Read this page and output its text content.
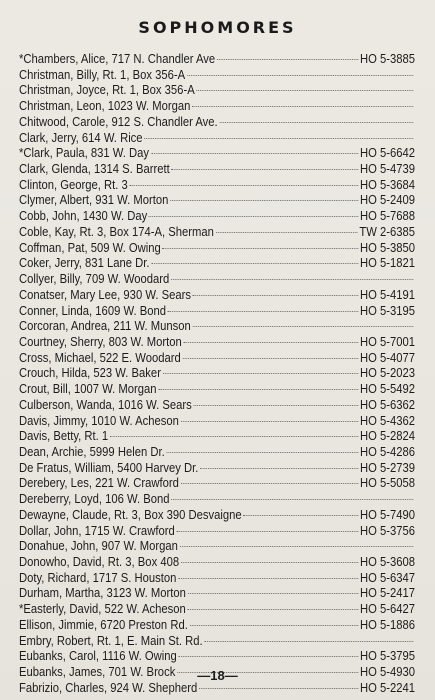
SOPHOMORES
*Chambers, Alice, 717 N. Chandler Ave	HO 5-3885
Christman, Billy, Rt. 1, Box 356-A
Christman, Joyce, Rt. 1, Box 356-A
Christman, Leon, 1023 W. Morgan
Chitwood, Carole, 912 S. Chandler Ave.
Clark, Jerry, 614 W. Rice
*Clark, Paula, 831 W. Day	HO 5-6642
Clark, Glenda, 1314 S. Barrett	HO 5-4739
Clinton, George, Rt. 3	HO 5-3684
Clymer, Albert, 931 W. Morton	HO 5-2409
Cobb, John, 1430 W. Day	HO 5-7688
Coble, Kay, Rt. 3, Box 174-A, Sherman	TW 2-6385
Coffman, Pat, 509 W. Owing	HO 5-3850
Coker, Jerry, 831 Lane Dr.	HO 5-1821
Collyer, Billy, 709 W. Woodard
Conatser, Mary Lee, 930 W. Sears	HO 5-4191
Conner, Linda, 1609 W. Bond	HO 5-3195
Corcoran, Andrea, 211 W. Munson
Courtney, Sherry, 803 W. Morton	HO 5-7001
Cross, Michael, 522 E. Woodard	HO 5-4077
Crouch, Hilda, 523 W. Baker	HO 5-2023
Crout, Bill, 1007 W. Morgan	HO 5-5492
Culberson, Wanda, 1016 W. Sears	HO 5-6362
Davis, Jimmy, 1010 W. Acheson	HO 5-4362
Davis, Betty, Rt. 1	HO 5-2824
Dean, Archie, 5999 Helen Dr.	HO 5-4286
De Fratus, William, 5400 Harvey Dr.	HO 5-2739
Derebery, Les, 221 W. Crawford	HO 5-5058
Dereberry, Loyd, 106 W. Bond
Dewayne, Claude, Rt. 3, Box 390 Desvaigne	HO 5-7490
Dollar, John, 1715 W. Crawford	HO 5-3756
Donahue, John, 907 W. Morgan
Donowho, David, Rt. 3, Box 408	HO 5-3608
Doty, Richard, 1717 S. Houston	HO 5-6347
Durham, Martha, 3123 W. Morton	HO 5-2417
*Easterly, David, 522 W. Acheson	HO 5-6427
Ellison, Jimmie, 6720 Preston Rd.	HO 5-1886
Embry, Robert, Rt. 1, E. Main St. Rd.
Eubanks, Carol, 1116 W. Owing	HO 5-3795
Eubanks, James, 701 W. Brock	HO 5-4930
Fabrizio, Charles, 924 W. Shepherd	HO 5-2241
—18—
